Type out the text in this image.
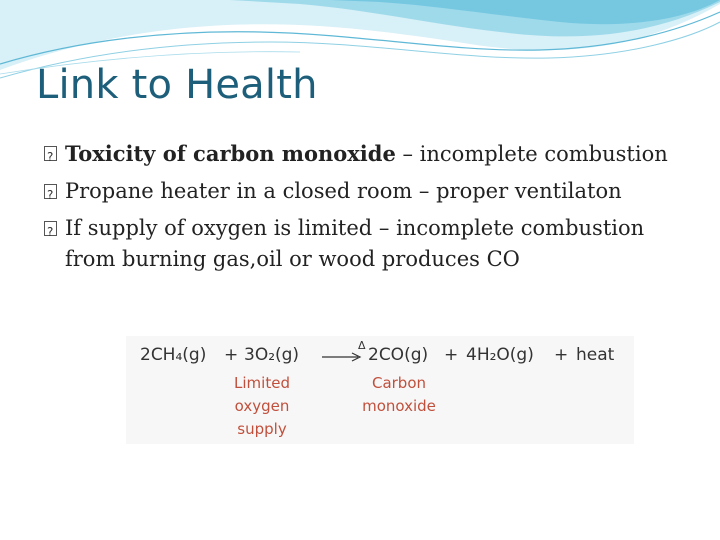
Link to Health
?
Toxicity of carbon monoxide – incomplete combustion
?
Propane heater in a closed room – proper ventilaton
?
If supply of oxygen is limited – incomplete combustion from burning gas,oil or wood produces CO
2CH₄(g) + 3O₂(g)	Δ 2CO(g) + 4H₂O(g) + heat
Limited
oxygen
supply
Carbon
monoxide
